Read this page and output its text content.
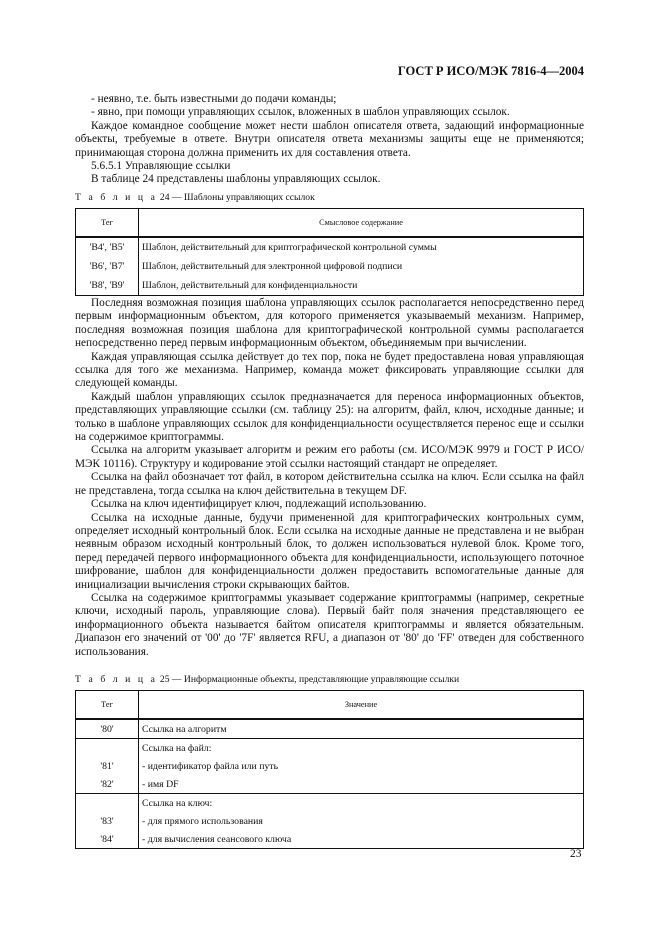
ГОСТ Р ИСО/МЭК 7816-4—2004

- неявно, т.е. быть известными до подачи команды;

- явно, при помощи управляющих ссылок, вложенных в шаблон управляющих ссылок.

Каждое командное сообщение может нести шаблон описателя ответа, задающий информационные объекты, требуемые в ответе. Внутри описателя ответа механизмы защиты еще не применяются; принимающая сторона должна применить их для составления ответа.

5.6.5.1 Управляющие ссылки

В таблице 24 представлены шаблоны управляющих ссылок.

Т а б л и ц а 24 — Шаблоны управляющих ссылок
Тег	Смысловое содержание
'B4', 'B5'	Шаблон, действительный для криптографической контрольной суммы
'B6', 'B7'	Шаблон, действительный для электронной цифровой подписи
'B8', 'B9'	Шаблон, действительный для конфиденциальности

Последняя возможная позиция шаблона управляющих ссылок располагается непосредственно перед первым информационным объектом, для которого применяется указываемый механизм. Например, последняя возможная позиция шаблона для криптографической контрольной суммы располагается непосредственно перед первым информационным объектом, объединяемым при вычислении.

Каждая управляющая ссылка действует до тех пор, пока не будет предоставлена новая управляющая ссылка для того же механизма. Например, команда может фиксировать управляющие ссылки для следующей команды.

Каждый шаблон управляющих ссылок предназначается для переноса информационных объектов, представляющих управляющие ссылки (см. таблицу 25): на алгоритм, файл, ключ, исходные данные; и только в шаблоне управляющих ссылок для конфиденциальности осуществляется перенос еще и ссылки на содержимое криптограммы.

Ссылка на алгоритм указывает алгоритм и режим его работы (см. ИСО/МЭК 9979 и ГОСТ Р ИСО/МЭК 10116). Структуру и кодирование этой ссылки настоящий стандарт не определяет.

Ссылка на файл обозначает тот файл, в котором действительна ссылка на ключ. Если ссылка на файл не представлена, тогда ссылка на ключ действительна в текущем DF.

Ссылка на ключ идентифицирует ключ, подлежащий использованию.

Ссылка на исходные данные, будучи примененной для криптографических контрольных сумм, определяет исходный контрольный блок. Если ссылка на исходные данные не представлена и не выбран неявным образом исходный контрольный блок, то должен использоваться нулевой блок. Кроме того, перед передачей первого информационного объекта для конфиденциальности, использующего поточное шифрование, шаблон для конфиденциальности должен предоставить вспомогательные данные для инициализации вычисления строки скрывающих байтов.

Ссылка на содержимое криптограммы указывает содержание криптограммы (например, секретные ключи, исходный пароль, управляющие слова). Первый байт поля значения представляющего ее информационного объекта называется байтом описателя криптограммы и является обязательным. Диапазон его значений от '00' до '7F' является RFU, а диапазон от '80' до 'FF' отведен для собственного использования.

Т а б л и ц а 25 — Информационные объекты, представляющие управляющие ссылки
Тег	Значение
'80'	Ссылка на алгоритм
	Ссылка на файл:
'81'	- идентификатор файла или путь
'82'	- имя DF
	Ссылка на ключ:
'83'	- для прямого использования
'84'	- для вычисления сеансового ключа
23
